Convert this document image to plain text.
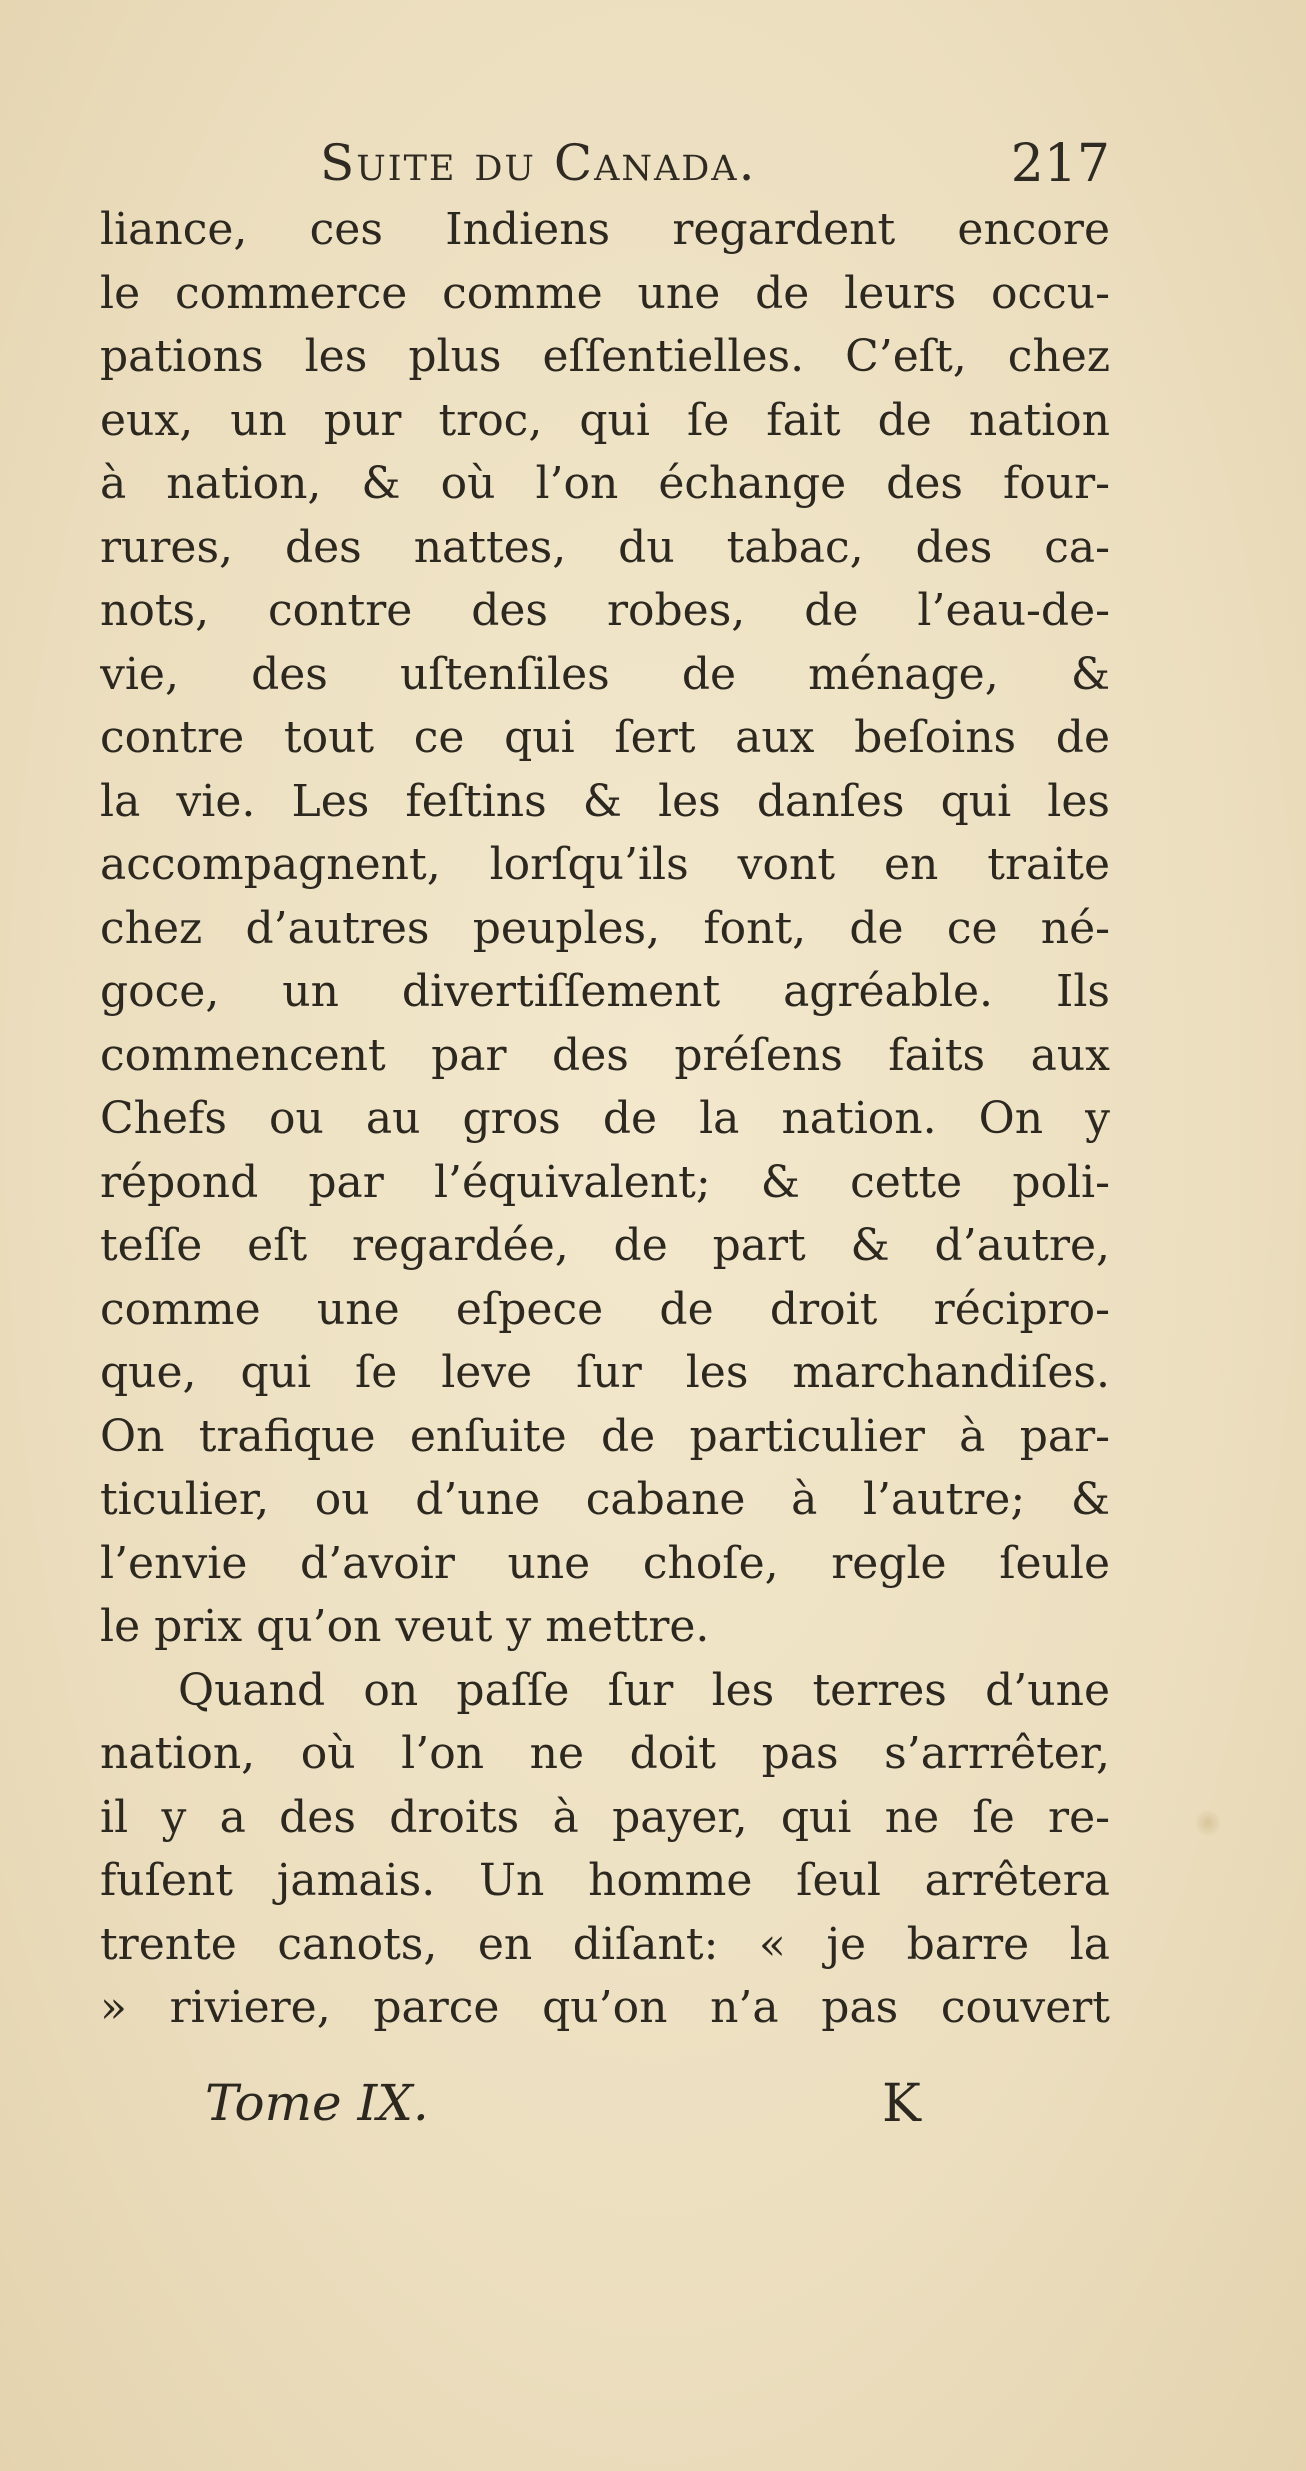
Suite du Canada.	217
liance, ces Indiens regardent encore
le commerce comme une de leurs occu-
pations les plus eſſentielles. C’eſt, chez
eux, un pur troc, qui ſe fait de nation
à nation, & où l’on échange des four-
rures, des nattes, du tabac, des ca-
nots, contre des robes, de l’eau-de-
vie, des uſtenſiles de ménage, &
contre tout ce qui ſert aux beſoins de
la vie. Les feſtins & les danſes qui les
accompagnent, lorſqu’ils vont en traite
chez d’autres peuples, font, de ce né-
goce, un divertiſſement agréable. Ils
commencent par des préſens faits aux
Chefs ou au gros de la nation. On y
répond par l’équivalent; & cette poli-
teſſe eſt regardée, de part & d’autre,
comme une eſpece de droit récipro-
que, qui ſe leve ſur les marchandiſes.
On trafique enſuite de particulier à par-
ticulier, ou d’une cabane à l’autre; &
l’envie d’avoir une choſe, regle ſeule
le prix qu’on veut y mettre.
Quand on paſſe ſur les terres d’une
nation, où l’on ne doit pas s’arrrêter,
il y a des droits à payer, qui ne ſe re-
fuſent jamais. Un homme ſeul arrêtera
trente canots, en diſant: « je barre la
» riviere, parce qu’on n’a pas couvert
Tome IX.	K
